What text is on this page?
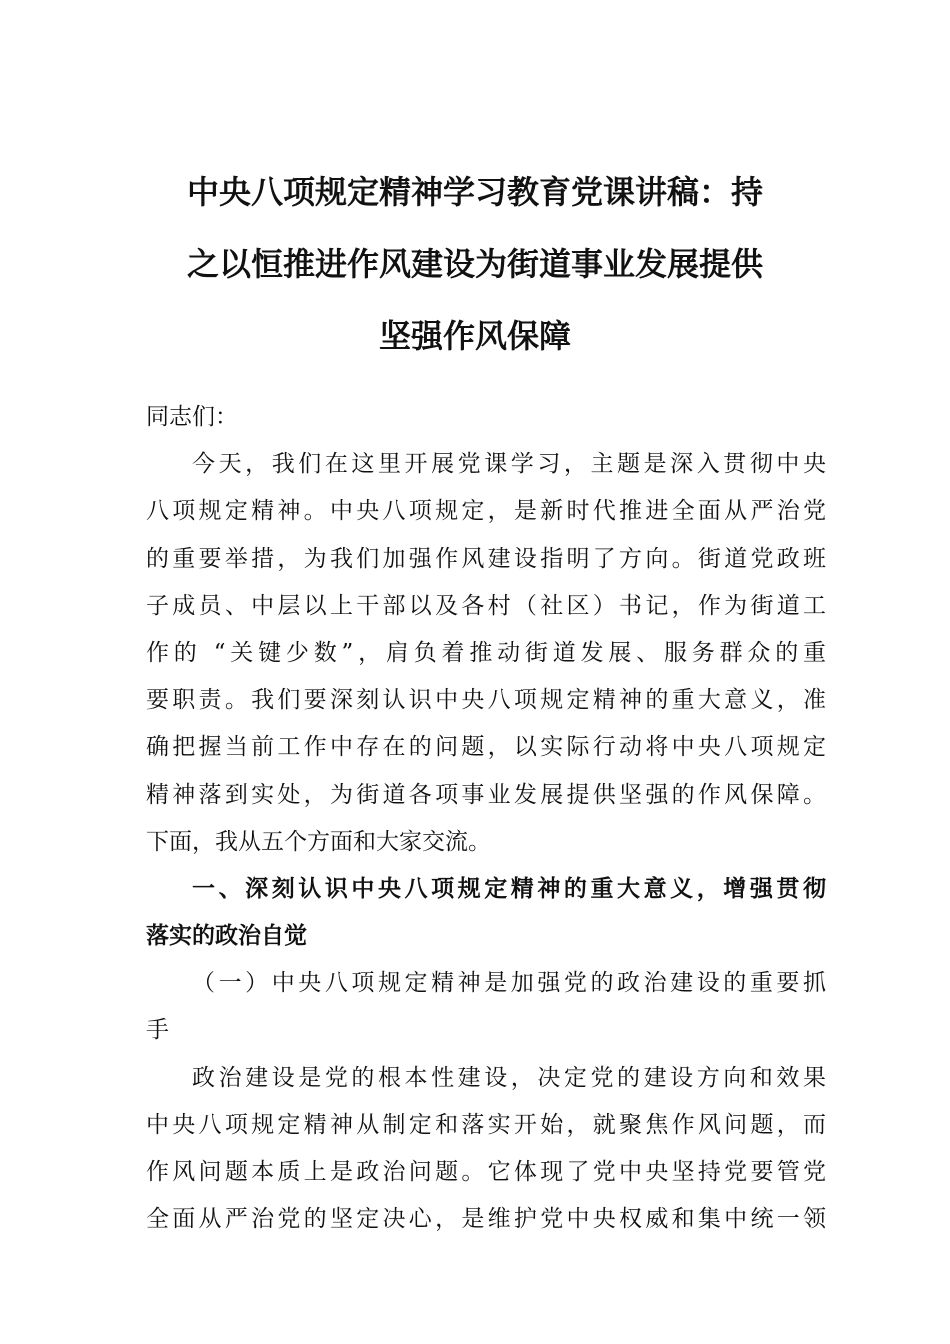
中央八项规定精神学习教育党课讲稿：持
之以恒推进作风建设为街道事业发展提供
坚强作风保障

同志们：

今天，我们在这里开展党课学习，主题是深入贯彻中央
八项规定精神。中央八项规定，是新时代推进全面从严治党
的重要举措，为我们加强作风建设指明了方向。街道党政班
子成员、中层以上干部以及各村（社区）书记，作为街道工
作的 “关键少数”，肩负着推动街道发展、服务群众的重
要职责。我们要深刻认识中央八项规定精神的重大意义，准
确把握当前工作中存在的问题，以实际行动将中央八项规定
精神落到实处，为街道各项事业发展提供坚强的作风保障。
下面，我从五个方面和大家交流。

一、深刻认识中央八项规定精神的重大意义，增强贯彻
落实的政治自觉

（一）中央八项规定精神是加强党的政治建设的重要抓
手

政治建设是党的根本性建设，决定党的建设方向和效果
中央八项规定精神从制定和落实开始，就聚焦作风问题，而
作风问题本质上是政治问题。它体现了党中央坚持党要管党
全面从严治党的坚定决心，是维护党中央权威和集中统一领
